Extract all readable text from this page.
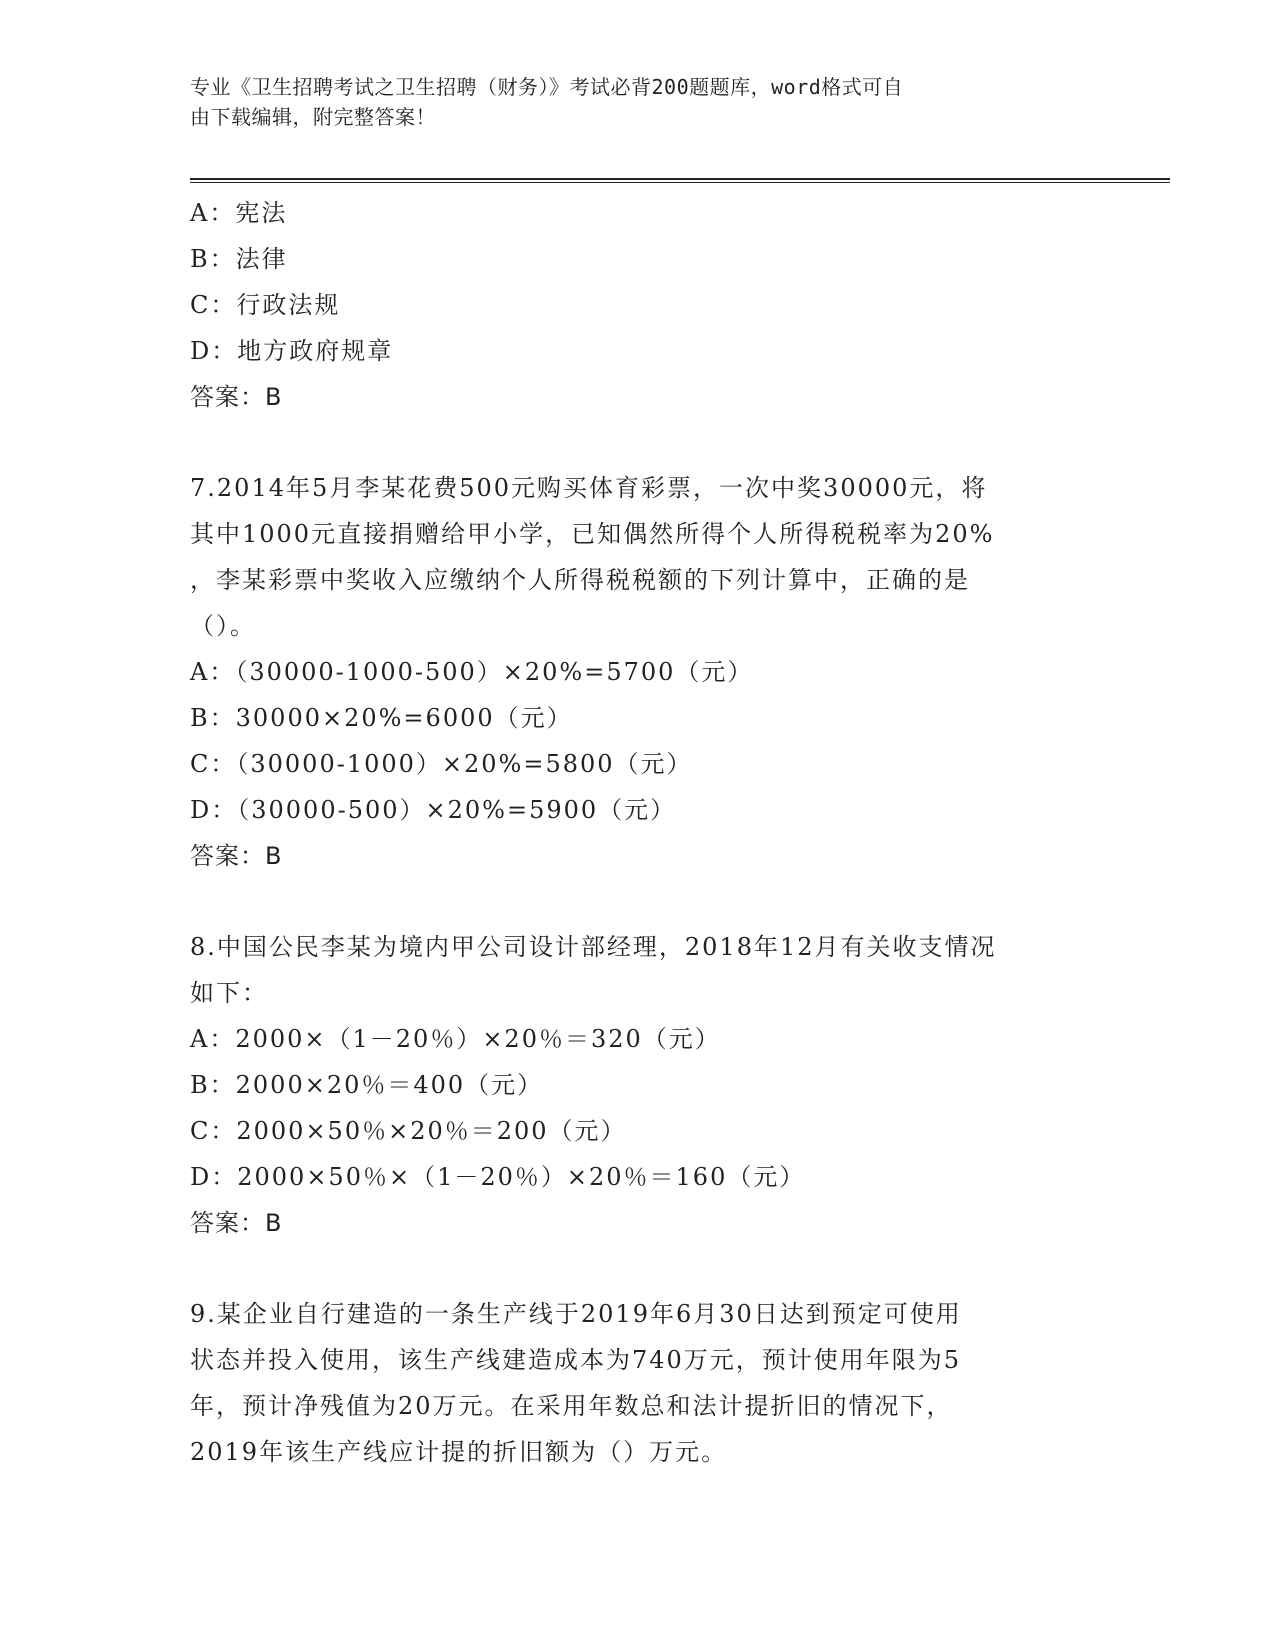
专业《卫生招聘考试之卫生招聘（财务）》考试必背200题题库，word格式可自
由下载编辑，附完整答案！
A：宪法
B：法律
C：行政法规
D：地方政府规章
答案：B
7.2014年5月李某花费500元购买体育彩票，一次中奖30000元，将
其中1000元直接捐赠给甲小学，已知偶然所得个人所得税税率为20%
，李某彩票中奖收入应缴纳个人所得税税额的下列计算中，正确的是
（）。
A：（30000-1000-500）×20%=5700（元）
B：30000×20%=6000（元）
C：（30000-1000）×20%=5800（元）
D：（30000-500）×20%=5900（元）
答案：B
8.中国公民李某为境内甲公司设计部经理，2018年12月有关收支情况
如下：
A：2000×（1－20％）×20％＝320（元）
B：2000×20％＝400（元）
C：2000×50％×20％＝200（元）
D：2000×50％×（1－20％）×20％＝160（元）
答案：B
9.某企业自行建造的一条生产线于2019年6月30日达到预定可使用
状态并投入使用，该生产线建造成本为740万元，预计使用年限为5
年，预计净残值为20万元。在采用年数总和法计提折旧的情况下，
2019年该生产线应计提的折旧额为（）万元。
